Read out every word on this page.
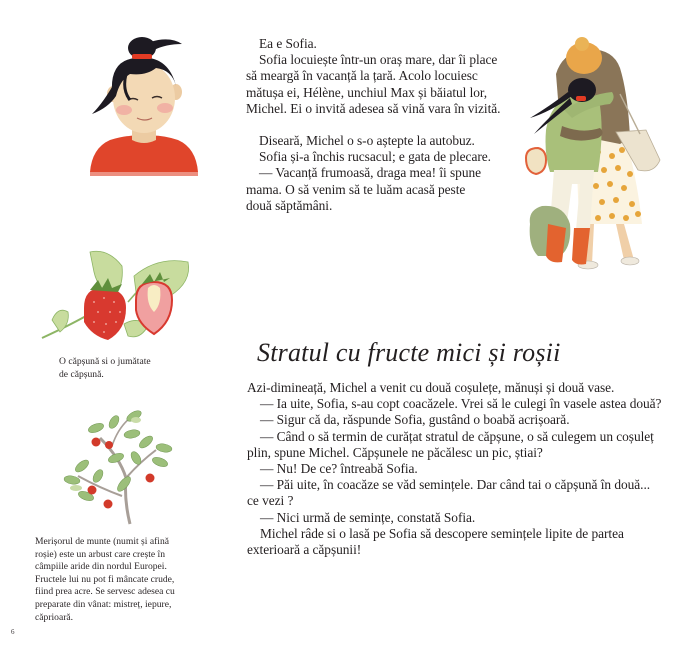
Ea e Sofia.

Sofia locuiește într-un oraș mare, dar îi place

să meargă în vacanță la țară. Acolo locuiesc

mătușa ei, Hélène, unchiul Max și băiatul lor,

Michel. Ei o invită adesea să vină vara în vizită.

Diseară, Michel o s-o aștepte la autobuz.

Sofia și-a închis rucsacul; e gata de plecare.

— Vacanță frumoasă, draga mea! îi spune

mama. O să venim să te luăm acasă peste

două săptămâni.

O căpșună si o jumătate

de căpșună.

Stratul cu fructe mici și roșii

Azi-dimineață, Michel a venit cu două coșulețe, mănuși și două vase.

— Ia uite, Sofia, s-au copt coacăzele. Vrei să le culegi în vasele astea două?

— Sigur că da, răspunde Sofia, gustând o boabă acrișoară.

— Când o să termin de curățat stratul de căpșune, o să culegem un coșuleț

plin, spune Michel. Căpșunele ne păcălesc un pic, știai?

— Nu! De ce? întreabă Sofia.

— Păi uite, în coacăze se văd semințele. Dar când tai o căpșună în două...

ce vezi ?

— Nici urmă de semințe, constată Sofia.

Michel râde si o lasă pe Sofia să descopere semințele lipite de partea

exterioară a căpșunii!

Merișorul de munte (numit și afină

roșie) este un arbust care crește în

câmpiile aride din nordul Europei.

Fructele lui nu pot fi mâncate crude,

fiind prea acre. Se servesc adesea cu

preparate din vânat: mistreț, iepure,

căprioară.

6
